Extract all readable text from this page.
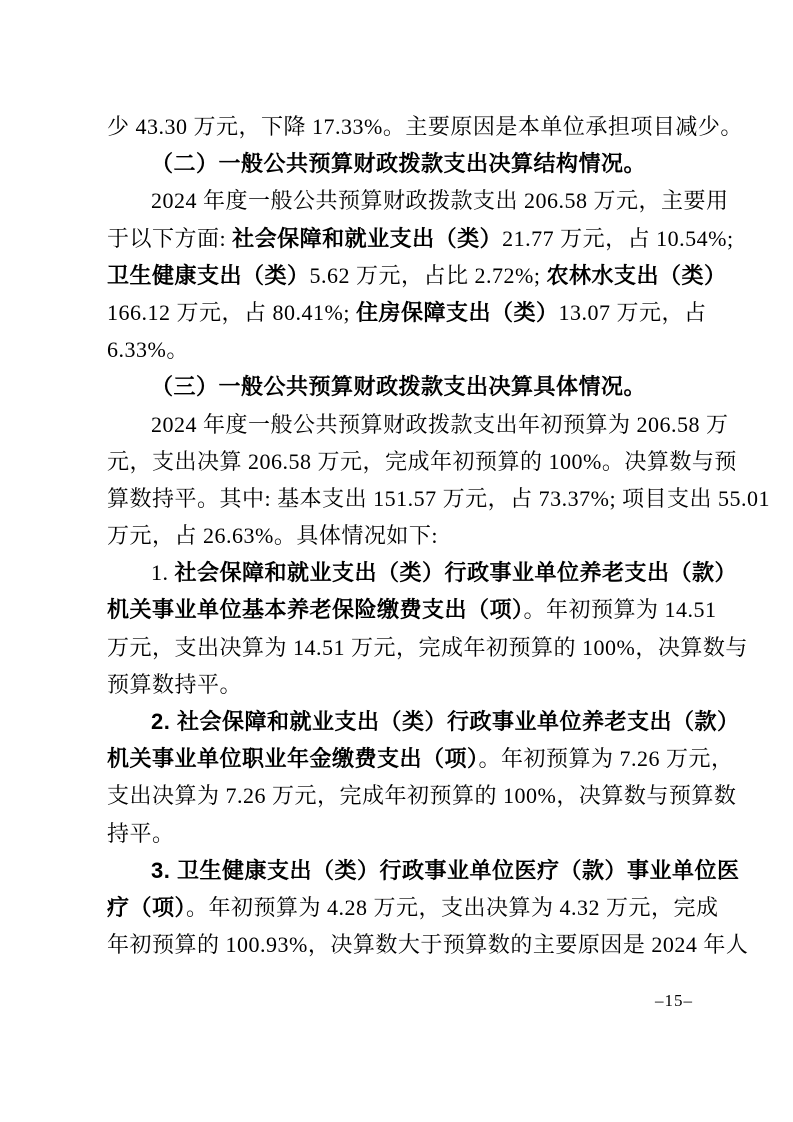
少 43.30 万元，下降 17.33%。主要原因是本单位承担项目减少。
（二）一般公共预算财政拨款支出决算结构情况。
2024 年度一般公共预算财政拨款支出 206.58 万元，主要用
于以下方面: 社会保障和就业支出（类）21.77 万元，占 10.54%;
卫生健康支出（类）5.62 万元，占比 2.72%; 农林水支出（类）
166.12 万元，占 80.41%; 住房保障支出（类）13.07 万元，占
6.33%。
（三）一般公共预算财政拨款支出决算具体情况。
2024 年度一般公共预算财政拨款支出年初预算为 206.58 万
元，支出决算 206.58 万元，完成年初预算的 100%。决算数与预
算数持平。其中: 基本支出 151.57 万元，占 73.37%; 项目支出 55.01
万元，占 26.63%。具体情况如下:
1. 社会保障和就业支出（类）行政事业单位养老支出（款）
机关事业单位基本养老保险缴费支出（项）。年初预算为 14.51
万元，支出决算为 14.51 万元，完成年初预算的 100%，决算数与
预算数持平。
2. 社会保障和就业支出（类）行政事业单位养老支出（款）
机关事业单位职业年金缴费支出（项）。年初预算为 7.26 万元，
支出决算为 7.26 万元，完成年初预算的 100%，决算数与预算数
持平。
3. 卫生健康支出（类）行政事业单位医疗（款）事业单位医
疗（项）。年初预算为 4.28 万元，支出决算为 4.32 万元，完成
年初预算的 100.93%，决算数大于预算数的主要原因是 2024 年人
–15–
